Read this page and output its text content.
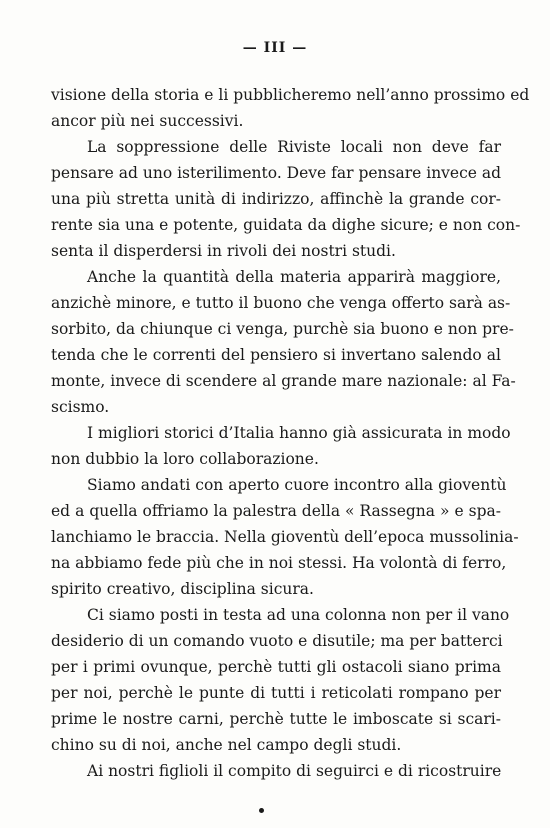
— III —
visione della storia e li pubblicheremo nell’anno prossimo ed
ancor più nei successivi.
La soppressione delle Riviste locali non deve far
pensare ad uno isterilimento. Deve far pensare invece ad
una più stretta unità di indirizzo, affinchè la grande cor-
rente sia una e potente, guidata da dighe sicure; e non con-
senta il disperdersi in rivoli dei nostri studi.
Anche la quantità della materia apparirà maggiore,
anzichè minore, e tutto il buono che venga offerto sarà as-
sorbito, da chiunque ci venga, purchè sia buono e non pre-
tenda che le correnti del pensiero si invertano salendo al
monte, invece di scendere al grande mare nazionale: al Fa-
scismo.
I migliori storici d’Italia hanno già assicurata in modo
non dubbio la loro collaborazione.
Siamo andati con aperto cuore incontro alla gioventù
ed a quella offriamo la palestra della « Rassegna » e spa-
lanchiamo le braccia. Nella gioventù dell’epoca mussolinia-
na abbiamo fede più che in noi stessi. Ha volontà di ferro,
spirito creativo, disciplina sicura.
Ci siamo posti in testa ad una colonna non per il vano
desiderio di un comando vuoto e disutile; ma per batterci
per i primi ovunque, perchè tutti gli ostacoli siano prima
per noi, perchè le punte di tutti i reticolati rompano per
prime le nostre carni, perchè tutte le imboscate si scari-
chino su di noi, anche nel campo degli studi.
Ai nostri figlioli il compito di seguirci e di ricostruire
